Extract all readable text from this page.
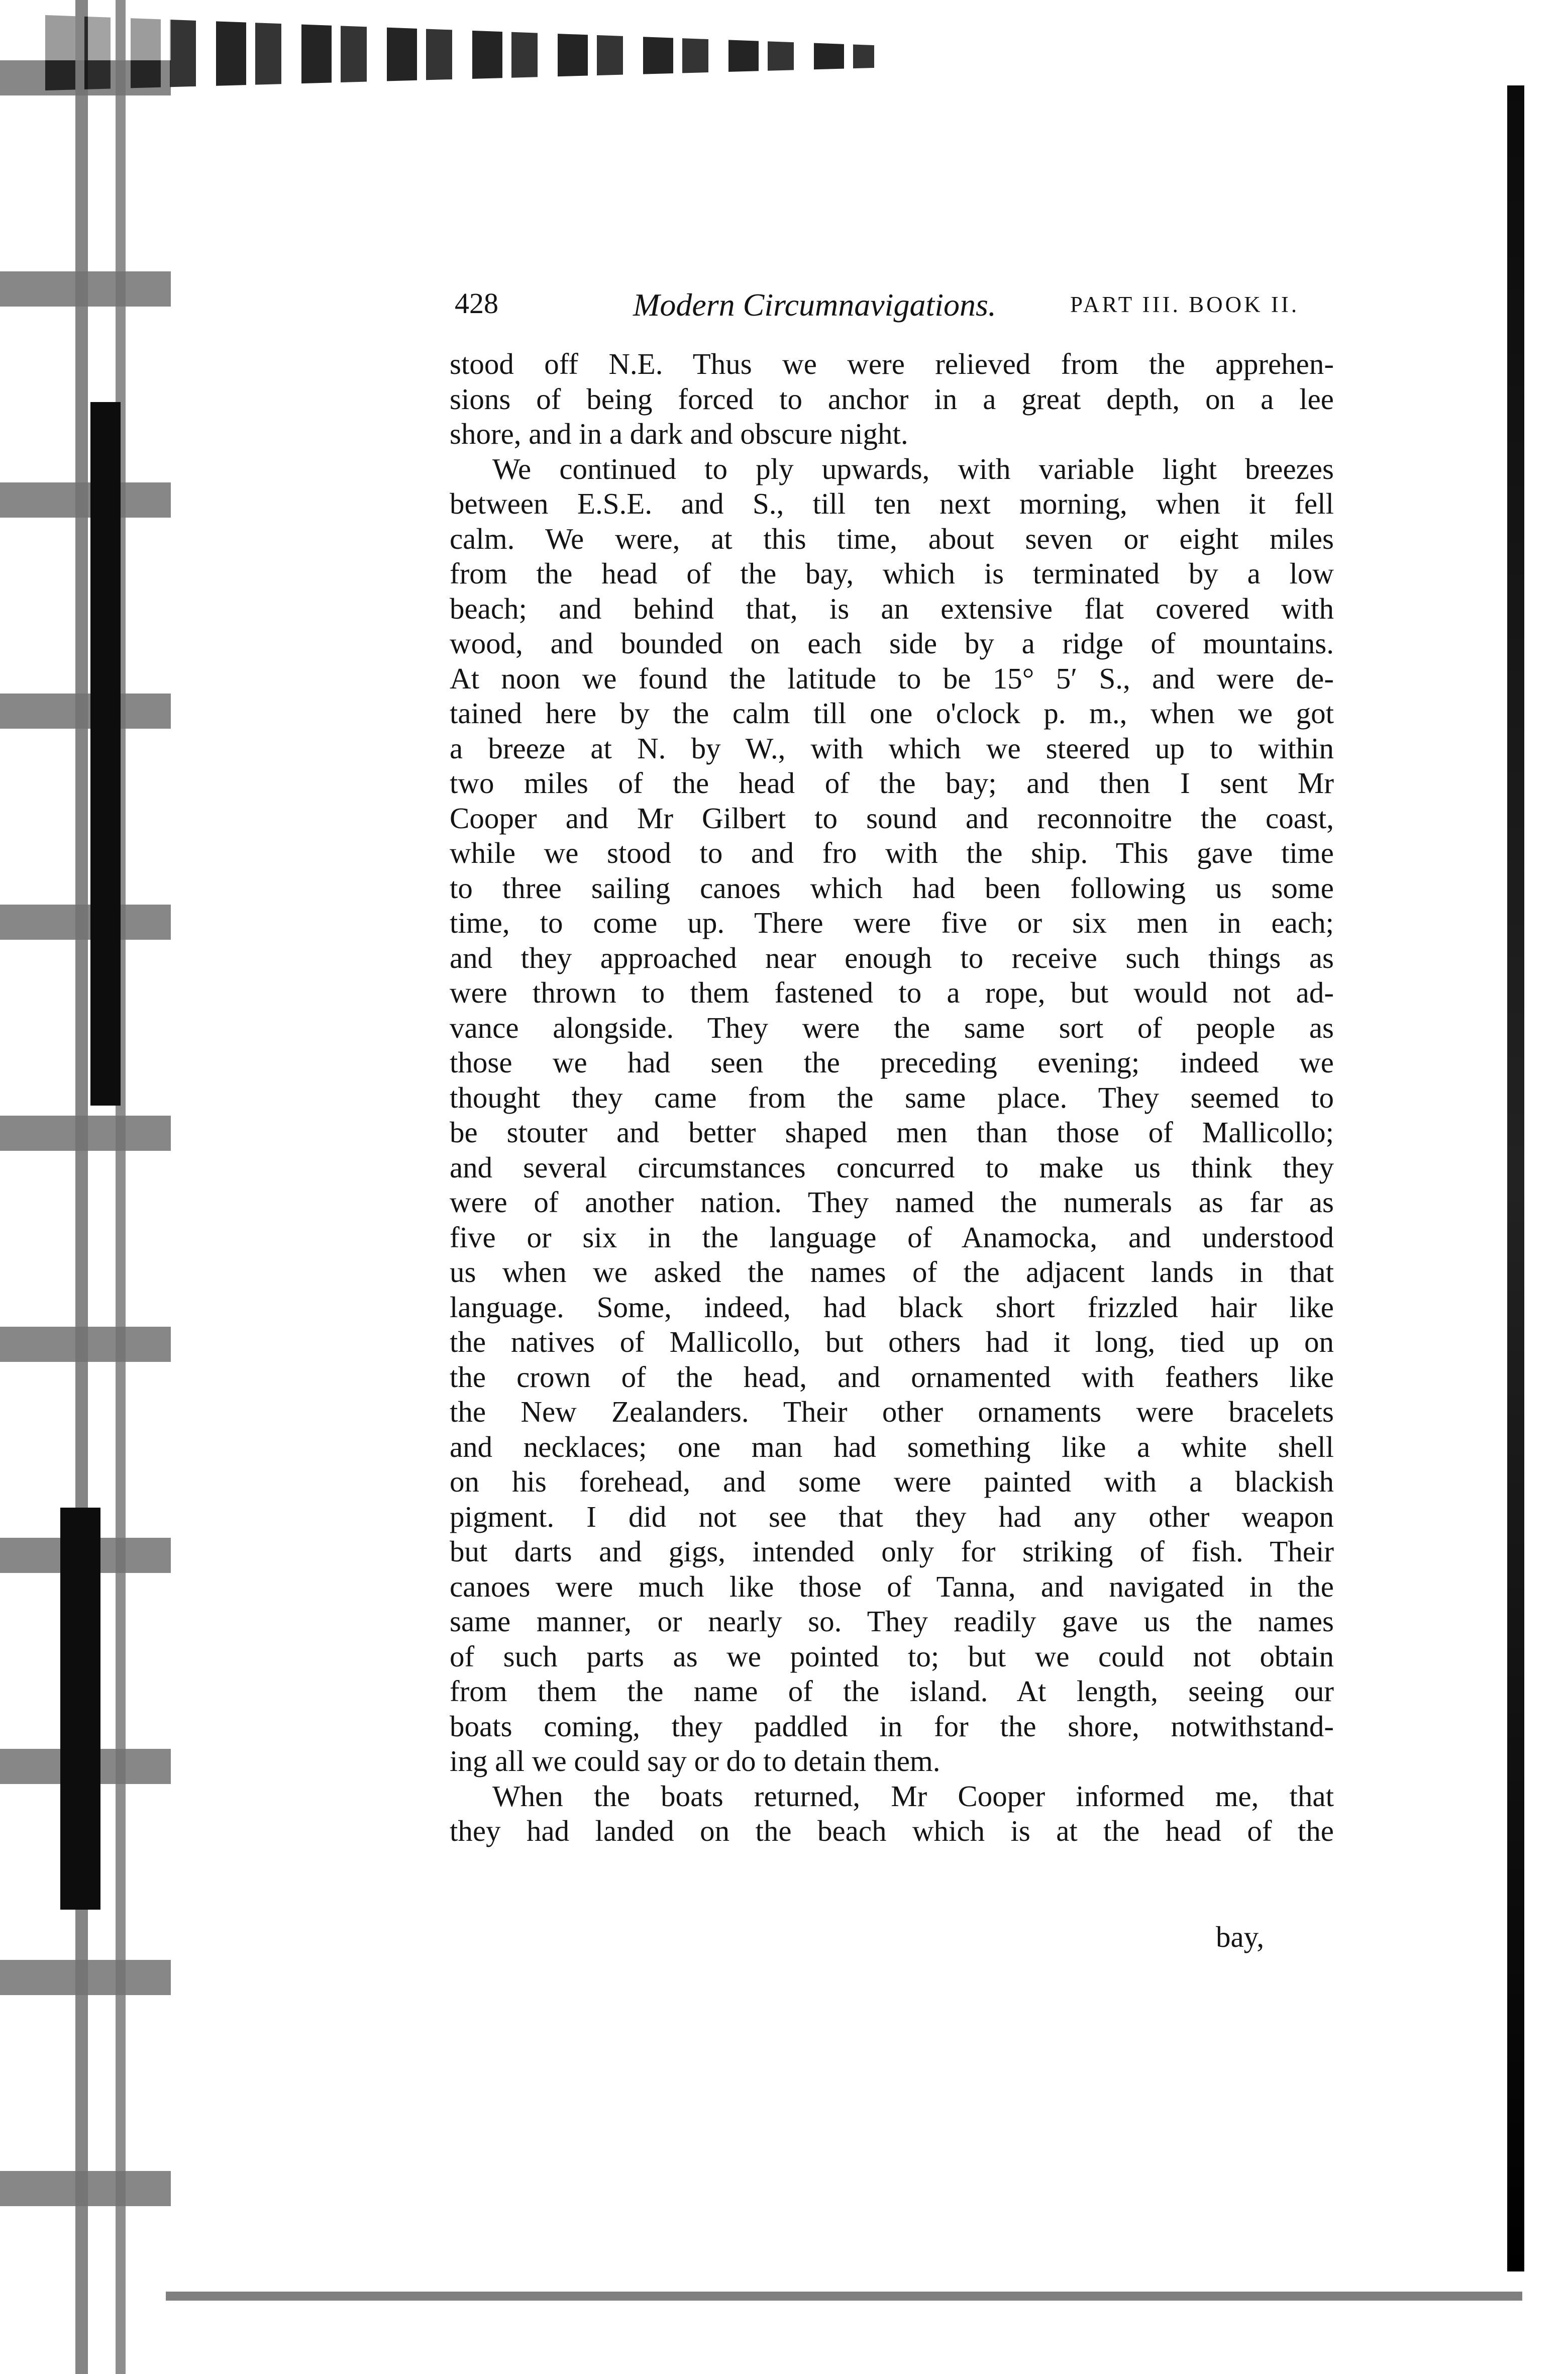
428	Modern Circumnavigations.	PART III. BOOK II.
stood off N.E. Thus we were relieved from the apprehen-
sions of being forced to anchor in a great depth, on a lee
shore, and in a dark and obscure night.
We continued to ply upwards, with variable light breezes
between E.S.E. and S., till ten next morning, when it fell
calm. We were, at this time, about seven or eight miles
from the head of the bay, which is terminated by a low
beach; and behind that, is an extensive flat covered with
wood, and bounded on each side by a ridge of mountains.
At noon we found the latitude to be 15° 5′ S., and were de-
tained here by the calm till one o'clock p. m., when we got
a breeze at N. by W., with which we steered up to within
two miles of the head of the bay; and then I sent Mr
Cooper and Mr Gilbert to sound and reconnoitre the coast,
while we stood to and fro with the ship. This gave time
to three sailing canoes which had been following us some
time, to come up. There were five or six men in each;
and they approached near enough to receive such things as
were thrown to them fastened to a rope, but would not ad-
vance alongside. They were the same sort of people as
those we had seen the preceding evening; indeed we
thought they came from the same place. They seemed to
be stouter and better shaped men than those of Mallicollo;
and several circumstances concurred to make us think they
were of another nation. They named the numerals as far as
five or six in the language of Anamocka, and understood
us when we asked the names of the adjacent lands in that
language. Some, indeed, had black short frizzled hair like
the natives of Mallicollo, but others had it long, tied up on
the crown of the head, and ornamented with feathers like
the New Zealanders. Their other ornaments were bracelets
and necklaces; one man had something like a white shell
on his forehead, and some were painted with a blackish
pigment. I did not see that they had any other weapon
but darts and gigs, intended only for striking of fish. Their
canoes were much like those of Tanna, and navigated in the
same manner, or nearly so. They readily gave us the names
of such parts as we pointed to; but we could not obtain
from them the name of the island. At length, seeing our
boats coming, they paddled in for the shore, notwithstand-
ing all we could say or do to detain them.
When the boats returned, Mr Cooper informed me, that
they had landed on the beach which is at the head of the
bay,
